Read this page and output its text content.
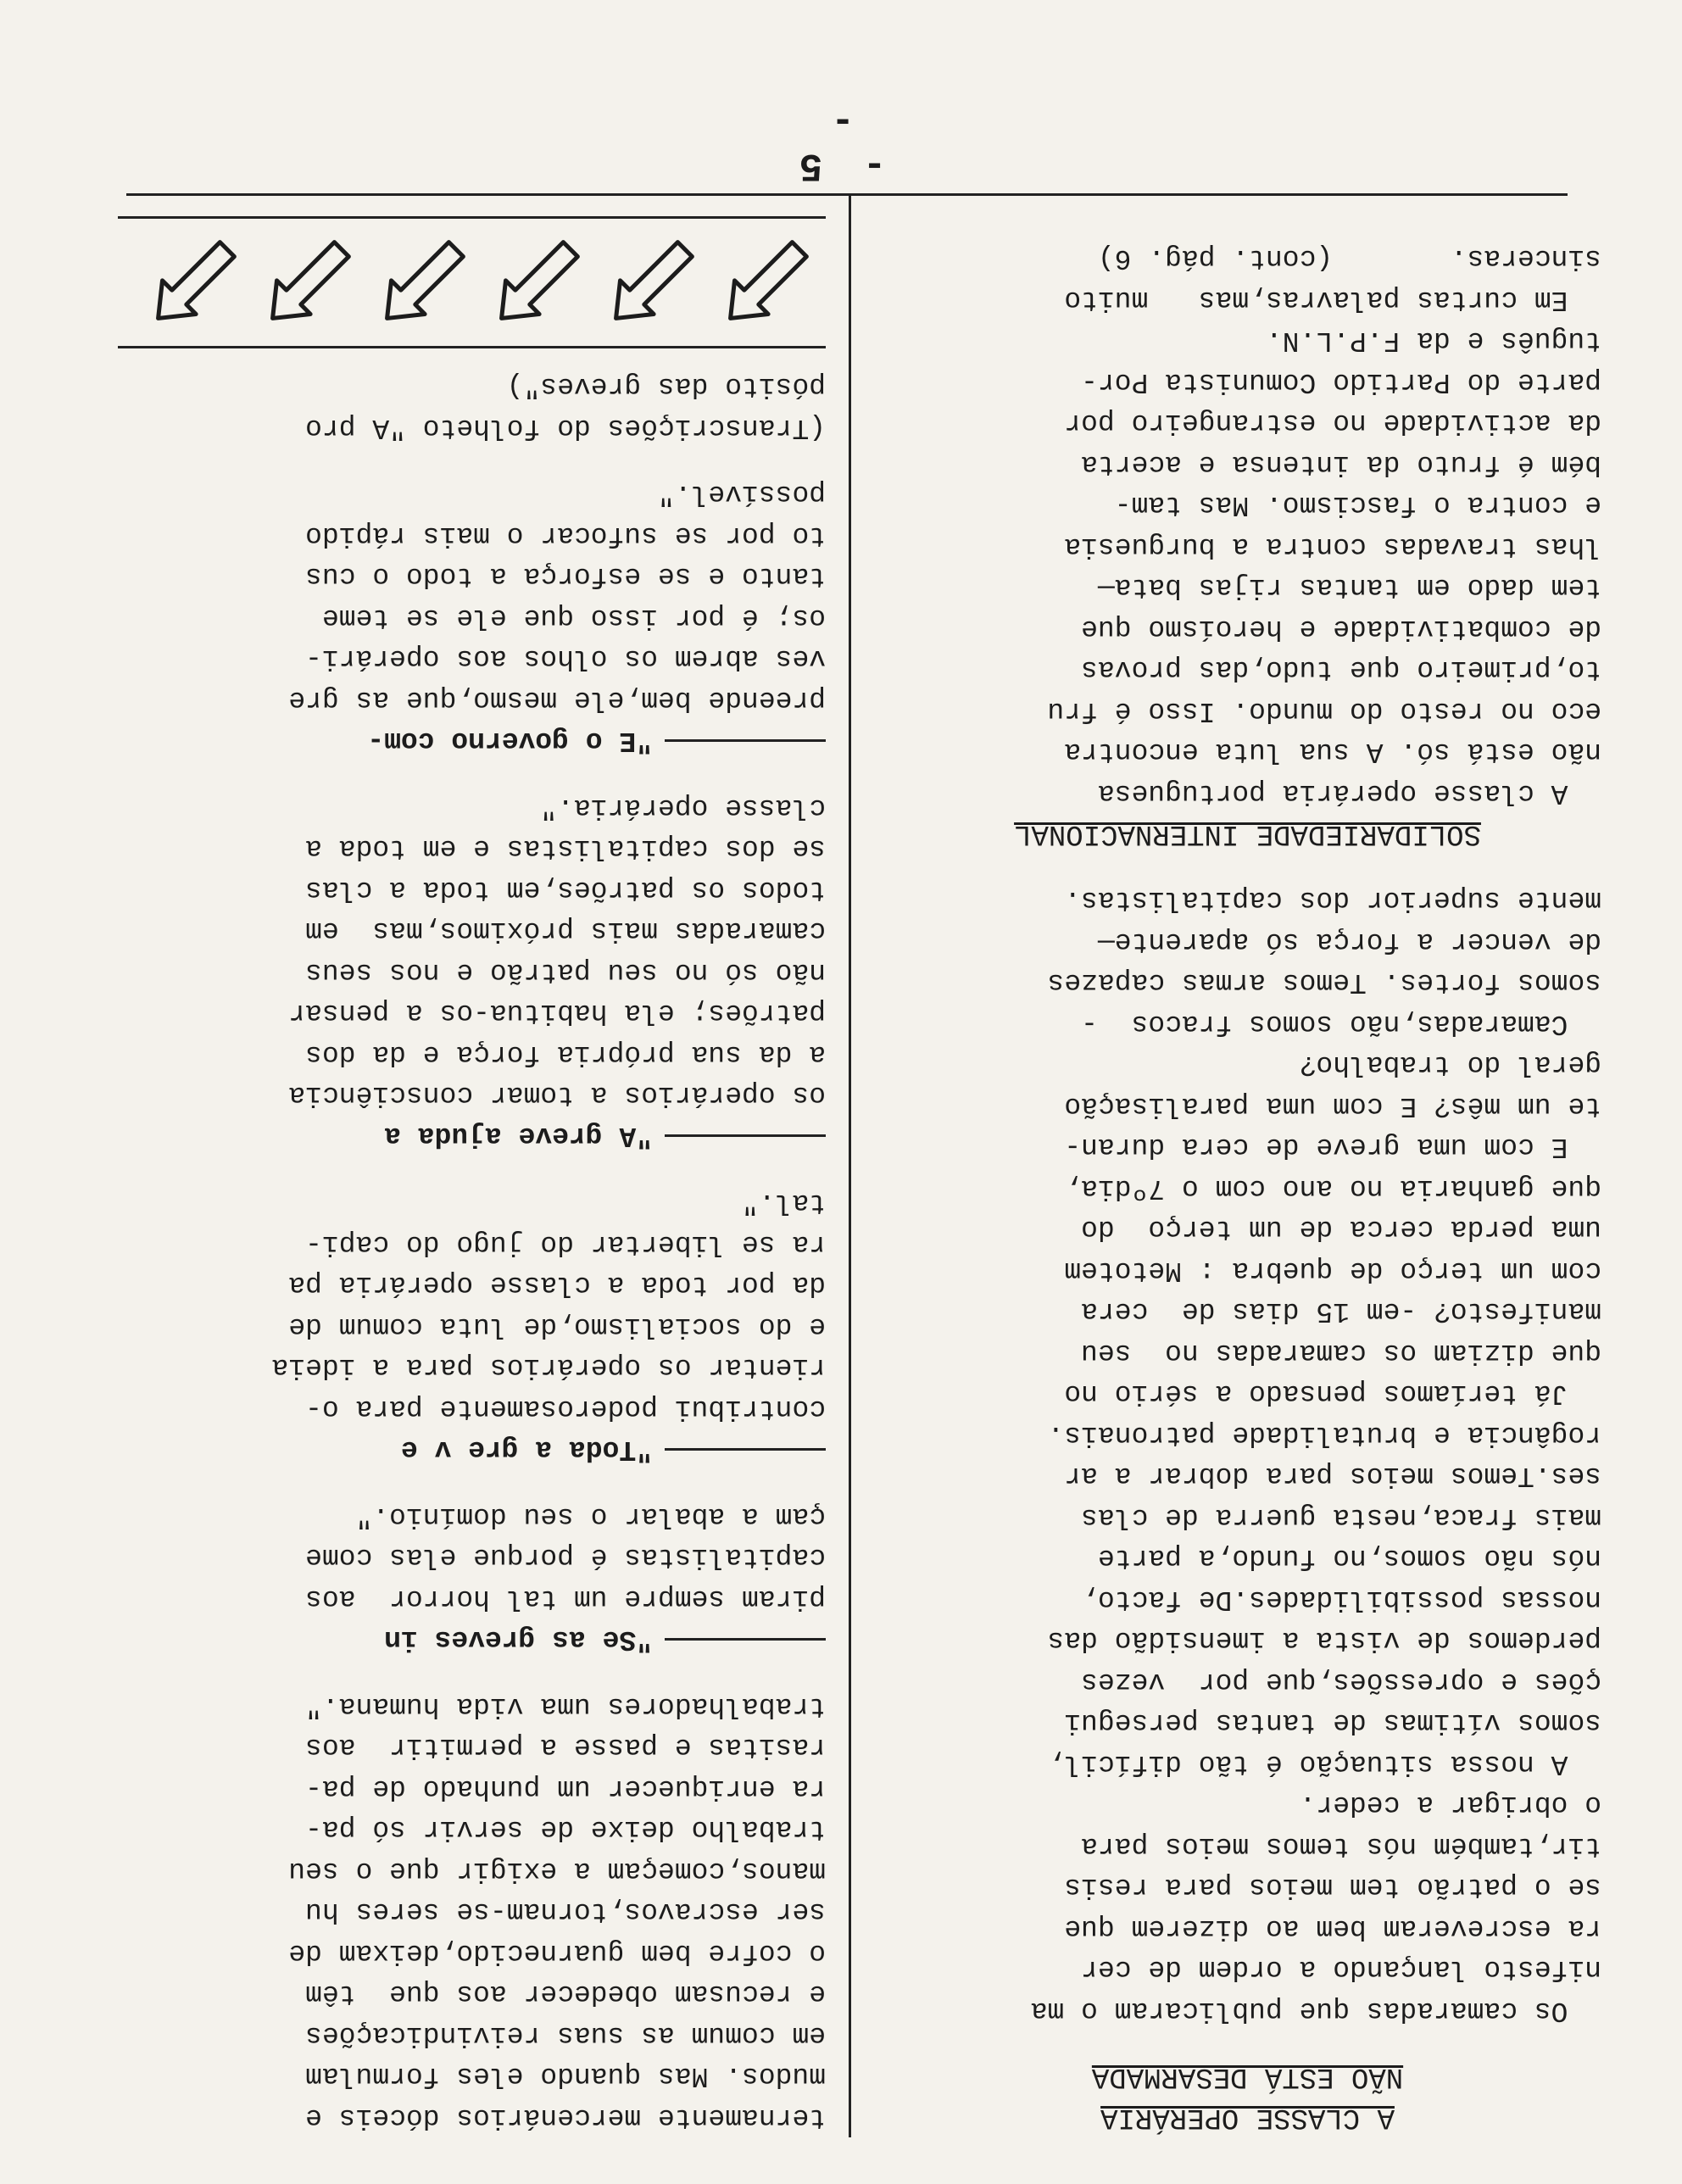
- 5 -
A CLASSE OPERÁRIA
NÃO ESTÁ DESARMADA
Os camaradas que publicaram o ma
nifesto lançando a ordem de cer
ra escreveram bem ao dizerem que
se o patrão tem meios para resis
tir,também nós temos meios para
o obrigar a ceder.
A nossa situação é tão difícil,
somos vítimas de tantas persegui
ções e opressões,que por  vezes
perdemos de vista a imensidão das
nossas possibilidades.De facto,
nós não somos,no fundo,a parte
mais fraca,nesta guerra de clas
ses.Temos meios para dobrar a ar
rogância e brutalidade patronais.
Já teríamos pensado a sério no
que diziam os camaradas no  seu
manifesto? -em 15 dias de  cera
com um terço de quebra : Metotem
uma perda cerca de um terço  do
que ganharia no ano com o 7ºdia,
E com uma greve de cera duran-
te um mês? E com uma paralisação
geral do trabalho?
Camaradas,não somos fracos  -
somos fortes. Temos armas capazes
de vencer a força só aparente—
mente superior dos capitalistas.
SOLIDARIEDADE INTERNACIONAL
A classe operária portuguesa
não está só. A sua luta encontra
eco no resto do mundo. Isso é fru
to,primeiro que tudo,das provas
de combatividade e heroísmo que
tem dado em tantas rijas bata—
lhas travadas contra a burguesia
e contra o fascismo. Mas tam-
bém é fruto da intensa e acerta
da actividade no estrangeiro por
parte do Partido Comunista Por-
tuguês e da F.P.L.N.
Em curtas palavras,mas   muito
sinceras.       (cont. pág. 6)
ternamente mercenários dóceis e
mudos. Mas quando eles formulam
em comum as suas reivindicações
e recusam obedecer aos que  têm
o cofre bem guarnecido,deixam de
ser escravos,tornam-se seres hu
manos,começam a exigir que o seu
trabalho deixe de servir só pa-
ra enriquecer um punhado de pa-
rasitas e passe a permitir  aos
trabalhadores uma vida humana."
"Se as greves in
piram sempre um tal horror  aos
capitalistas é porque elas come
çam a abalar o seu domínio."
"Toda a gre v e
contribui poderosamente para o-
rientar os operários para a ideia
e do socialismo,de luta comum de
da por toda a classe operária pa
ra se libertar do jugo do capi-
tal."
"A greve ajuda a
os operários a tomar consciência
a da sua própria força e da dos
patrões; ela habitua-os a pensar
não só no seu patrão e nos seus
camaradas mais próximos,mas  em
todos os patrões,em toda a clas
se dos capitalistas e em toda a
classe operária."
"E o governo com-
preende bem,ele mesmo,que as gre
ves abrem os olhos aos operári-
os; é por isso que ele se teme
tanto e se esforça a todo o cus
to por se sufocar o mais rápido
possível."
(Transcrições do folheto "A pro
pósito das greves")
